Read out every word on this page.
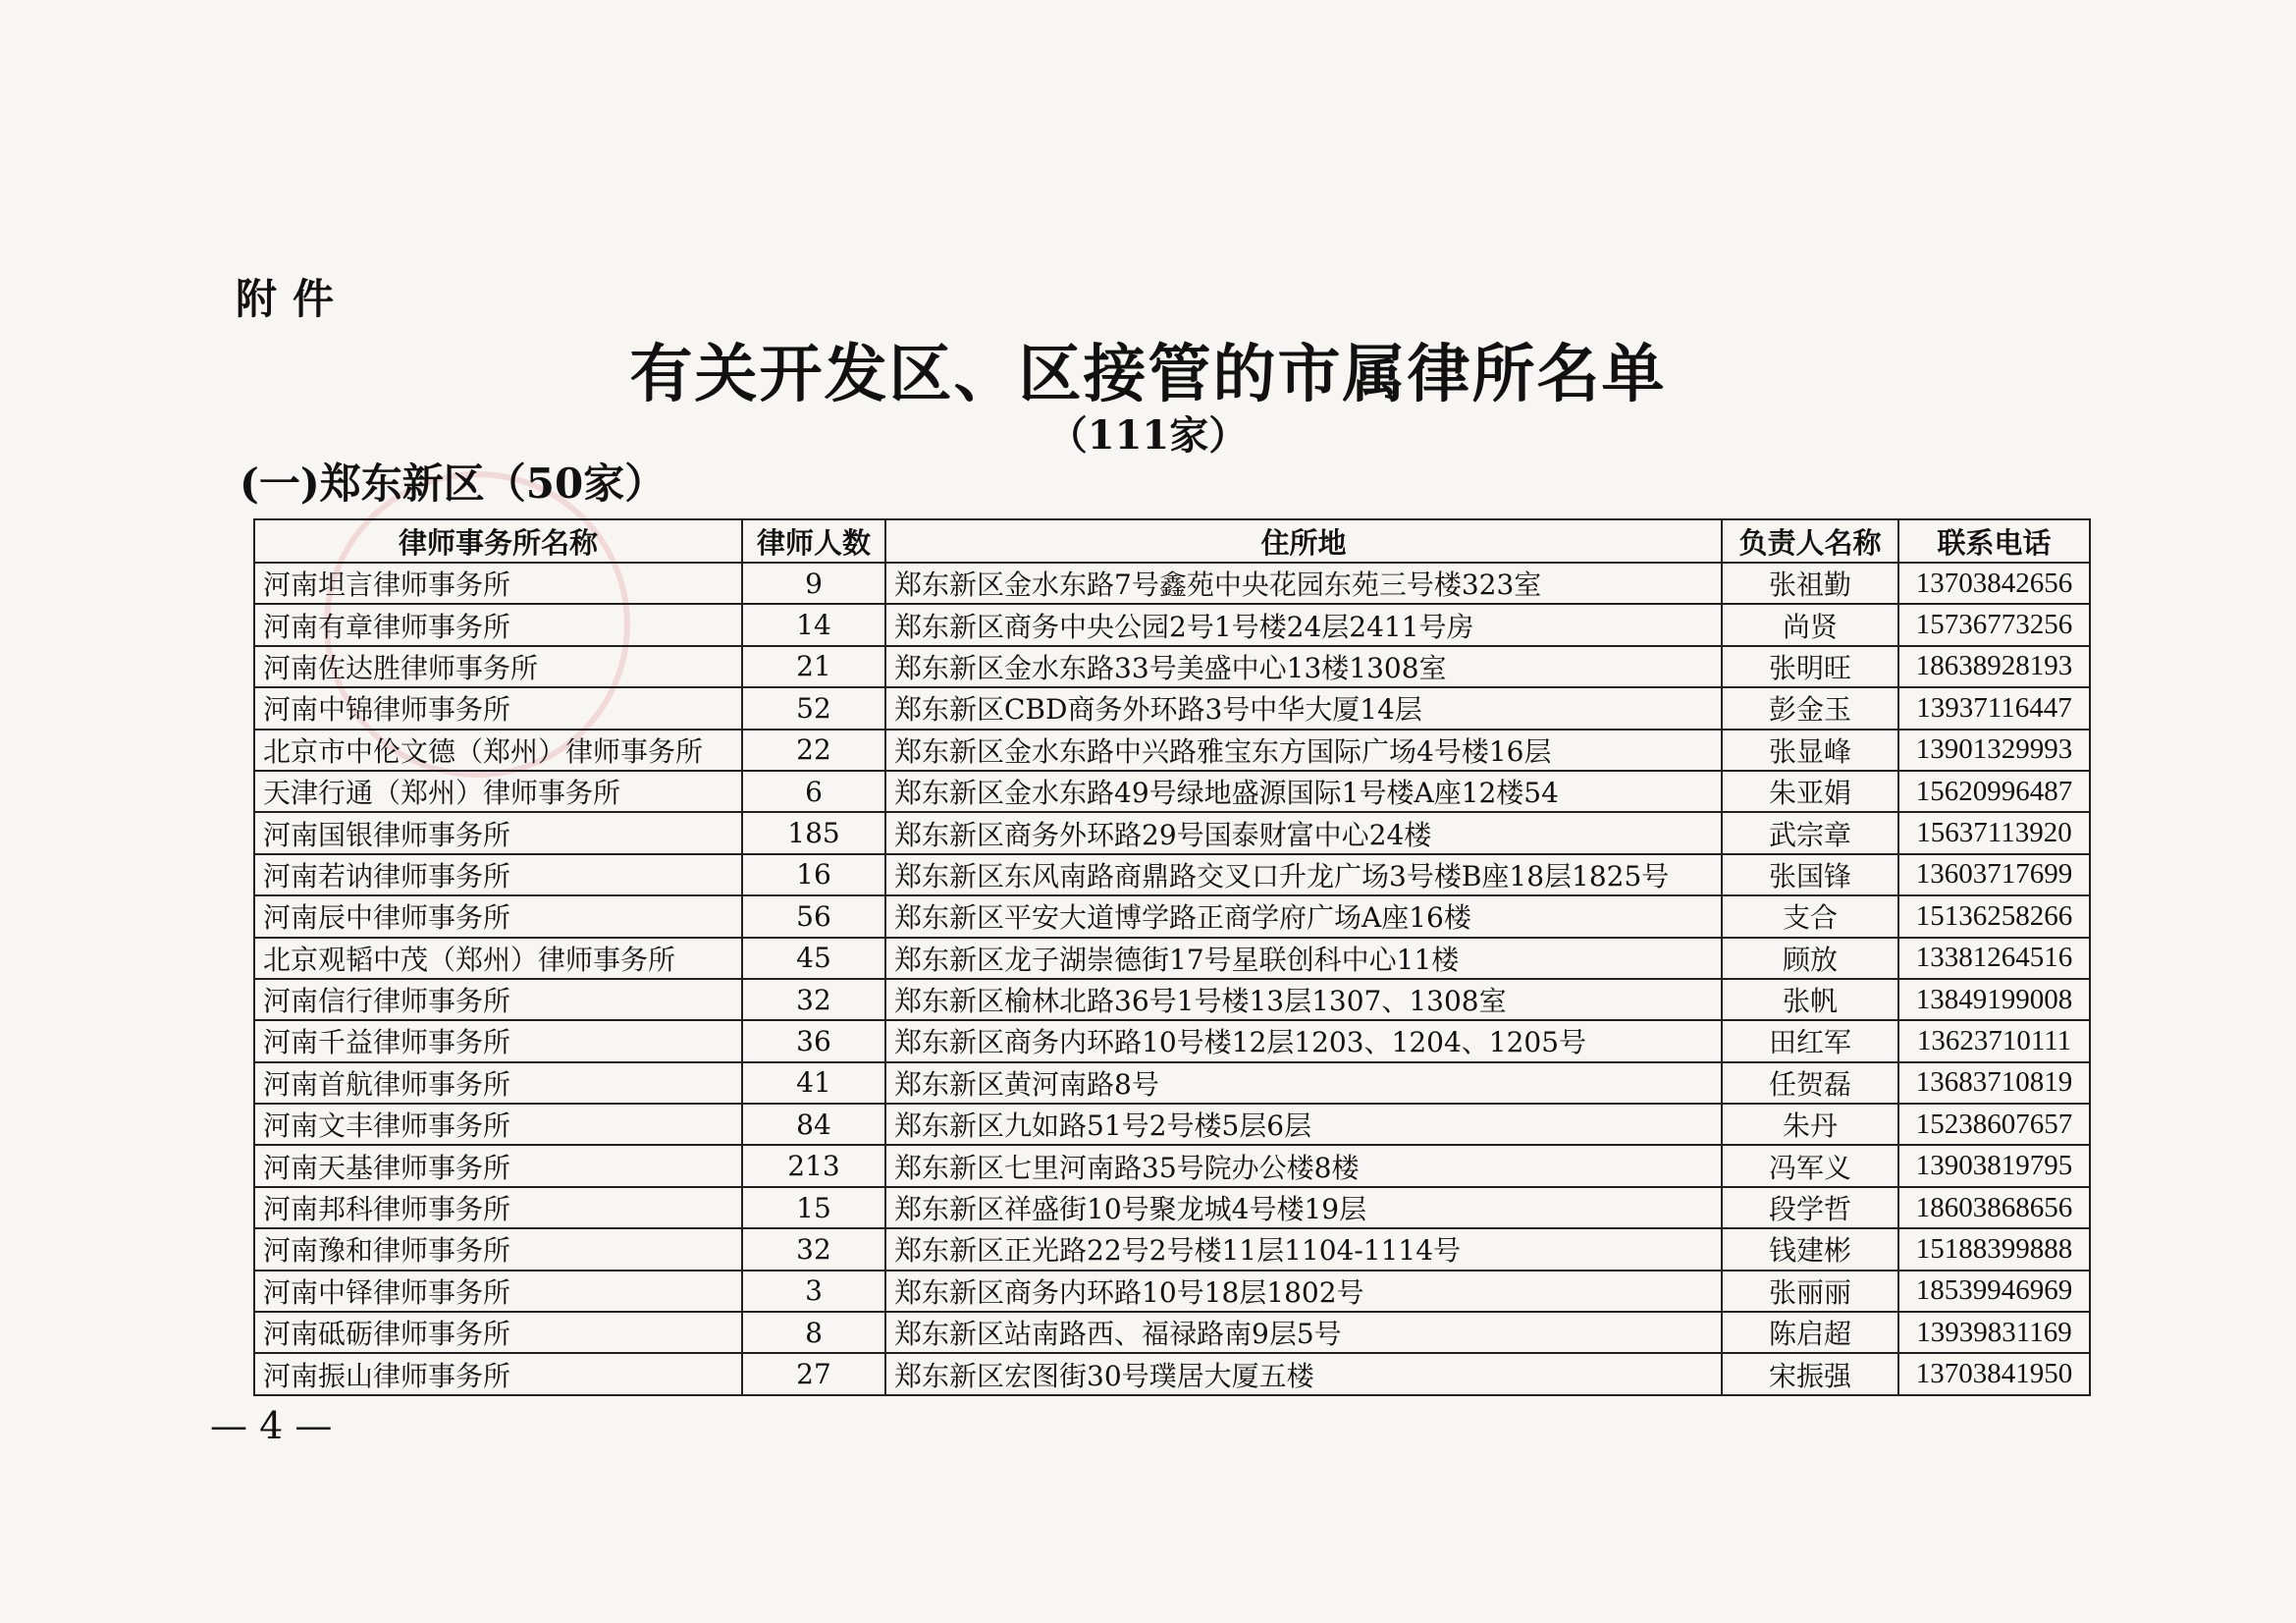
附件
有关开发区、区接管的市属律所名单
（111家）
(一)郑东新区（50家）
律师事务所名称	律师人数	住所地	负责人名称	联系电话
河南坦言律师事务所	9	郑东新区金水东路7号鑫苑中央花园东苑三号楼323室	张祖勤	13703842656
河南有章律师事务所	14	郑东新区商务中央公园2号1号楼24层2411号房	尚贤	15736773256
河南佐达胜律师事务所	21	郑东新区金水东路33号美盛中心13楼1308室	张明旺	18638928193
河南中锦律师事务所	52	郑东新区CBD商务外环路3号中华大厦14层	彭金玉	13937116447
北京市中伦文德（郑州）律师事务所	22	郑东新区金水东路中兴路雅宝东方国际广场4号楼16层	张显峰	13901329993
天津行通（郑州）律师事务所	6	郑东新区金水东路49号绿地盛源国际1号楼A座12楼54	朱亚娟	15620996487
河南国银律师事务所	185	郑东新区商务外环路29号国泰财富中心24楼	武宗章	15637113920
河南若讷律师事务所	16	郑东新区东风南路商鼎路交叉口升龙广场3号楼B座18层1825号	张国锋	13603717699
河南辰中律师事务所	56	郑东新区平安大道博学路正商学府广场A座16楼	支合	15136258266
北京观韬中茂（郑州）律师事务所	45	郑东新区龙子湖崇德街17号星联创科中心11楼	顾放	13381264516
河南信行律师事务所	32	郑东新区榆林北路36号1号楼13层1307、1308室	张帆	13849199008
河南千益律师事务所	36	郑东新区商务内环路10号楼12层1203、1204、1205号	田红军	13623710111
河南首航律师事务所	41	郑东新区黄河南路8号	任贺磊	13683710819
河南文丰律师事务所	84	郑东新区九如路51号2号楼5层6层	朱丹	15238607657
河南天基律师事务所	213	郑东新区七里河南路35号院办公楼8楼	冯军义	13903819795
河南邦科律师事务所	15	郑东新区祥盛街10号聚龙城4号楼19层	段学哲	18603868656
河南豫和律师事务所	32	郑东新区正光路22号2号楼11层1104-1114号	钱建彬	15188399888
河南中铎律师事务所	3	郑东新区商务内环路10号18层1802号	张丽丽	18539946969
河南砥砺律师事务所	8	郑东新区站南路西、福禄路南9层5号	陈启超	13939831169
河南振山律师事务所	27	郑东新区宏图街30号璞居大厦五楼	宋振强	13703841950
— 4 —
